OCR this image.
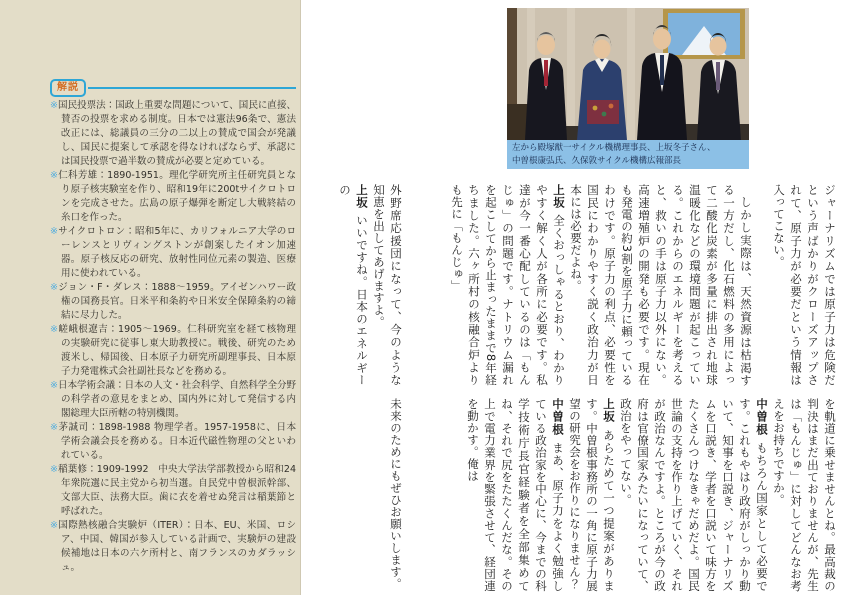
解説
※国民投票法：国政上重要な問題について、国民に直接、賛否の投票を求める制度。日本では憲法96条で、憲法改正には、総議員の三分の二以上の賛成で国会が発議し、国民に提案して承認を得なければならず、承認には国民投票で過半数の賛成が必要と定めている。
※仁科芳雄：1890-1951。理化学研究所主任研究員となり原子核実験室を作り、昭和19年に200tサイクロトロンを完成させた。広島の原子爆弾を断定し大戦終結の糸口を作った。
※サイクロトロン：昭和5年に、カリフォルニア大学のローレンスとリヴィングストンが創案したイオン加速器。原子核反応の研究、放射性同位元素の製造、医療用に使われている。
※ジョン・F・ダレス：1888～1959。アイゼンハワー政権の国務長官。日米平和条約や日米安全保障条約の締結に尽力した。
※嵯峨根遼吉：1905～1969。仁科研究室を経て核物理の実験研究に従事し東大助教授に。戦後、研究のため渡米し、帰国後、日本原子力研究所副理事長、日本原子力発電株式会社副社長などを務める。
※日本学術会議：日本の人文・社会科学、自然科学全分野の科学者の意見をまとめ、国内外に対して発信する内閣総理大臣所轄の特別機関。
※茅誠司：1898-1988 物理学者。1957-1958に、日本学術会議会長を務める。日本近代磁性物理の父といわれている。
※稲葉修：1909-1992　中央大学法学部教授から昭和24年衆院選に民主党から初当選。自民党中曽根派幹部、文部大臣、法務大臣。歯に衣を着せぬ発言は稲葉節と呼ばれた。
※国際熱核融合実験炉（ITER）：日本、EU、米国、ロシア、中国、韓国が参入している計画で、実験炉の建設候補地は日本の六ケ所村と、南フランスのカダラッシュ。
左から殿塚猷一サイクル機構理事長、上坂冬子さん、
中曽根康弘氏、久保敦サイクル機構広報部長

ジャーナリズムでは原子力は危険だという声ばかりがクローズアップされて、原子力が必要だという情報は入ってこない。

しかし実際は、天然資源は枯渇する一方だし、化石燃料の多用によって二酸化炭素が多量に排出され地球温暖化などの環境問題が起こっている。これからのエネルギーを考えると、救いの手は原子力以外にない。高速増殖炉の開発も必要です。現在も発電の約3割を原子力に頼っているわけです。原子力の利点、必要性を国民にわかりやすく説く政治力が日本には必要だよね。

上坂全くおっしゃるとおり、わかりやすく解く人が各所に必要です。私達が今一番心配しているのは「もんじゅ」の問題です。ナトリウム漏れを起こしてから止まったままで8年経ちました。六ヶ所村の核融合炉よりも先に「もんじゅ」

を軌道に乗せませんとね。最高裁の判決はまだ出ておりませんが、先生は「もんじゅ」に対してどんなお考えをお持ちですか。

中曽根もちろん国家として必要です。これもやはり政府がしっかり動いて、知事を口説き、ジャーナリズムを口説き、学者を口説いて味方をたくさんつけなきゃだめだよ。国民世論の支持を作り上げていく、それが政治なんですよ。ところが今の政府は官僚国家みたいになっていて、政治をやってない。

上坂あらためて一つ提案があります。中曽根事務所の一角に原子力展望の研究会をお作りになりません？

中曽根まあ、原子力をよく勉強している政治家を中心に、今までの科学技術庁長官経験者を全部集めてね、それで尻をたたくんだな。その上で電力業界を緊張させて、経団連を動かす。俺は

外野席応援団になって、今のような知恵を出してあげますよ。

上坂いいですね。日本のエネルギーの

未来のためにもぜひお願いします。
